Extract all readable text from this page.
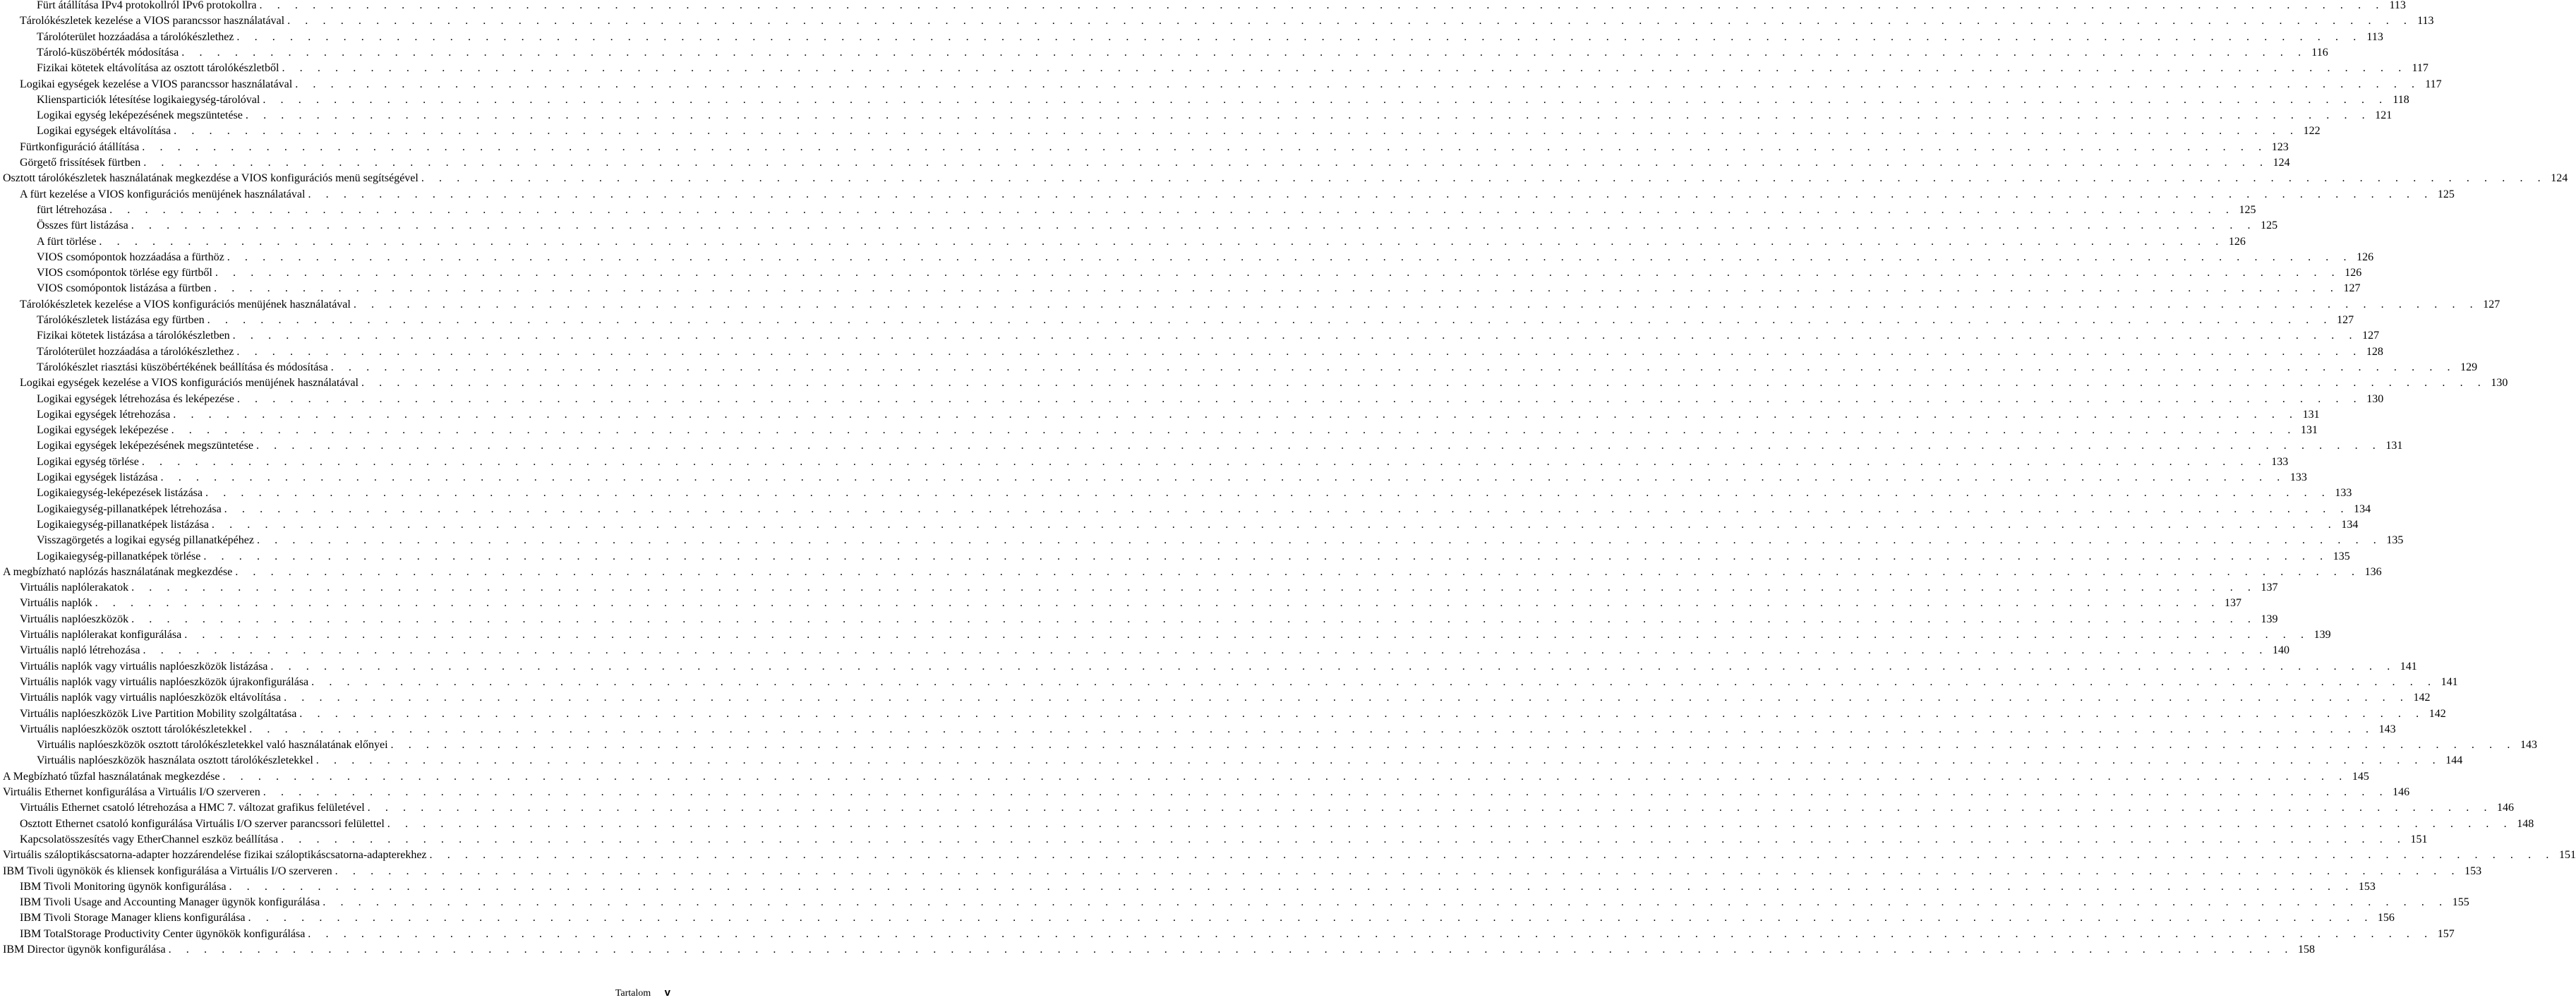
Fürt átállítása IPv4 protokollról IPv6 protokollra . . . . . . . . . . . . . . . . . . . . . . . . . . . . . . . . . . . . . . . . . . . . . . . . . . . . . . . . . . . . . . . . . . . . . . . . . . . . . . . . . . . . . . . . . . . . . . . . . . . . . . . . . . . . . . . . . . . . . . . . 113
Tárolókészletek kezelése a VIOS parancssor használatával . . . . . . . . . . . . . . . . . . . . . . . . . . . . . . . . . . . . . . . . . . . . . . . . . . . . . . . . . . . . . . . . . . . . . . . . . . . . . . . . . . . . . . . . . . . . . . . . . . . . . . . . . . . . . . . . . . . . . . . . 113
Tárolóterület hozzáadása a tárolókészlethez . . . . . . . . . . . . . . . . . . . . . . . . . . . . . . . . . . . . . . . . . . . . . . . . . . . . . . . . . . . . . . . . . . . . . . . . . . . . . . . . . . . . . . . . . . . . . . . . . . . . . . . . . . . . . . . . . . . . . . . . 113
Tároló-küszöbérték módosítása . . . . . . . . . . . . . . . . . . . . . . . . . . . . . . . . . . . . . . . . . . . . . . . . . . . . . . . . . . . . . . . . . . . . . . . . . . . . . . . . . . . . . . . . . . . . . . . . . . . . . . . . . . . . . . . . . . . . . . . . 116
Fizikai kötetek eltávolítása az osztott tárolókészletből . . . . . . . . . . . . . . . . . . . . . . . . . . . . . . . . . . . . . . . . . . . . . . . . . . . . . . . . . . . . . . . . . . . . . . . . . . . . . . . . . . . . . . . . . . . . . . . . . . . . . . . . . . . . . . . . . . . . . . . . 117
Logikai egységek kezelése a VIOS parancssor használatával . . . . . . . . . . . . . . . . . . . . . . . . . . . . . . . . . . . . . . . . . . . . . . . . . . . . . . . . . . . . . . . . . . . . . . . . . . . . . . . . . . . . . . . . . . . . . . . . . . . . . . . . . . . . . . . . . . . . . . . . 117
Kliensparticiók létesítése logikaiegység-tárolóval . . . . . . . . . . . . . . . . . . . . . . . . . . . . . . . . . . . . . . . . . . . . . . . . . . . . . . . . . . . . . . . . . . . . . . . . . . . . . . . . . . . . . . . . . . . . . . . . . . . . . . . . . . . . . . . . . . . . . . . . 118
Logikai egység leképezésének megszüntetése . . . . . . . . . . . . . . . . . . . . . . . . . . . . . . . . . . . . . . . . . . . . . . . . . . . . . . . . . . . . . . . . . . . . . . . . . . . . . . . . . . . . . . . . . . . . . . . . . . . . . . . . . . . . . . . . . . . . . . . . 121
Logikai egységek eltávolítása . . . . . . . . . . . . . . . . . . . . . . . . . . . . . . . . . . . . . . . . . . . . . . . . . . . . . . . . . . . . . . . . . . . . . . . . . . . . . . . . . . . . . . . . . . . . . . . . . . . . . . . . . . . . . . . . . . . . . . . . 122
Fürtkonfiguráció átállítása . . . . . . . . . . . . . . . . . . . . . . . . . . . . . . . . . . . . . . . . . . . . . . . . . . . . . . . . . . . . . . . . . . . . . . . . . . . . . . . . . . . . . . . . . . . . . . . . . . . . . . . . . . . . . . . . . . . . . . . . 123
Görgető frissítések fürtben . . . . . . . . . . . . . . . . . . . . . . . . . . . . . . . . . . . . . . . . . . . . . . . . . . . . . . . . . . . . . . . . . . . . . . . . . . . . . . . . . . . . . . . . . . . . . . . . . . . . . . . . . . . . . . . . . . . . . . . . 124
Osztott tárolókészletek használatának megkezdése a VIOS konfigurációs menü segítségével . . . . . . . . . . . . . . . . . . . . . . . . . . . . . . . . . . . . . . . . . . . . . . . . . . . . . . . . . . . . . . . . . . . . . . . . . . . . . . . . . . . . . . . . . . . . . . . . . . . . . . . . . . . . . . . . . . . . . . . . 124
A fürt kezelése a VIOS konfigurációs menüjének használatával . . . . . . . . . . . . . . . . . . . . . . . . . . . . . . . . . . . . . . . . . . . . . . . . . . . . . . . . . . . . . . . . . . . . . . . . . . . . . . . . . . . . . . . . . . . . . . . . . . . . . . . . . . . . . . . . . . . . . . . . 125
fürt létrehozása . . . . . . . . . . . . . . . . . . . . . . . . . . . . . . . . . . . . . . . . . . . . . . . . . . . . . . . . . . . . . . . . . . . . . . . . . . . . . . . . . . . . . . . . . . . . . . . . . . . . . . . . . . . . . . . . . . . . . . . . 125
Összes fürt listázása . . . . . . . . . . . . . . . . . . . . . . . . . . . . . . . . . . . . . . . . . . . . . . . . . . . . . . . . . . . . . . . . . . . . . . . . . . . . . . . . . . . . . . . . . . . . . . . . . . . . . . . . . . . . . . . . . . . . . . . . 125
A fürt törlése . . . . . . . . . . . . . . . . . . . . . . . . . . . . . . . . . . . . . . . . . . . . . . . . . . . . . . . . . . . . . . . . . . . . . . . . . . . . . . . . . . . . . . . . . . . . . . . . . . . . . . . . . . . . . . . . . . . . . . . . 126
VIOS csomópontok hozzáadása a fürthöz . . . . . . . . . . . . . . . . . . . . . . . . . . . . . . . . . . . . . . . . . . . . . . . . . . . . . . . . . . . . . . . . . . . . . . . . . . . . . . . . . . . . . . . . . . . . . . . . . . . . . . . . . . . . . . . . . . . . . . . . 126
VIOS csomópontok törlése egy fürtből . . . . . . . . . . . . . . . . . . . . . . . . . . . . . . . . . . . . . . . . . . . . . . . . . . . . . . . . . . . . . . . . . . . . . . . . . . . . . . . . . . . . . . . . . . . . . . . . . . . . . . . . . . . . . . . . . . . . . . . . 126
VIOS csomópontok listázása a fürtben . . . . . . . . . . . . . . . . . . . . . . . . . . . . . . . . . . . . . . . . . . . . . . . . . . . . . . . . . . . . . . . . . . . . . . . . . . . . . . . . . . . . . . . . . . . . . . . . . . . . . . . . . . . . . . . . . . . . . . . . 127
Tárolókészletek kezelése a VIOS konfigurációs menüjének használatával . . . . . . . . . . . . . . . . . . . . . . . . . . . . . . . . . . . . . . . . . . . . . . . . . . . . . . . . . . . . . . . . . . . . . . . . . . . . . . . . . . . . . . . . . . . . . . . . . . . . . . . . . . . . . . . . . . . . . . . . 127
Tárolókészletek listázása egy fürtben . . . . . . . . . . . . . . . . . . . . . . . . . . . . . . . . . . . . . . . . . . . . . . . . . . . . . . . . . . . . . . . . . . . . . . . . . . . . . . . . . . . . . . . . . . . . . . . . . . . . . . . . . . . . . . . . . . . . . . . . 127
Fizikai kötetek listázása a tárolókészletben . . . . . . . . . . . . . . . . . . . . . . . . . . . . . . . . . . . . . . . . . . . . . . . . . . . . . . . . . . . . . . . . . . . . . . . . . . . . . . . . . . . . . . . . . . . . . . . . . . . . . . . . . . . . . . . . . . . . . . . . 127
Tárolóterület hozzáadása a tárolókészlethez . . . . . . . . . . . . . . . . . . . . . . . . . . . . . . . . . . . . . . . . . . . . . . . . . . . . . . . . . . . . . . . . . . . . . . . . . . . . . . . . . . . . . . . . . . . . . . . . . . . . . . . . . . . . . . . . . . . . . . . . 128
Tárolókészlet riasztási küszöbértékének beállítása és módosítása . . . . . . . . . . . . . . . . . . . . . . . . . . . . . . . . . . . . . . . . . . . . . . . . . . . . . . . . . . . . . . . . . . . . . . . . . . . . . . . . . . . . . . . . . . . . . . . . . . . . . . . . . . . . . . . . . . . . . . . . 129
Logikai egységek kezelése a VIOS konfigurációs menüjének használatával . . . . . . . . . . . . . . . . . . . . . . . . . . . . . . . . . . . . . . . . . . . . . . . . . . . . . . . . . . . . . . . . . . . . . . . . . . . . . . . . . . . . . . . . . . . . . . . . . . . . . . . . . . . . . . . . . . . . . . . . 130
Logikai egységek létrehozása és leképezése . . . . . . . . . . . . . . . . . . . . . . . . . . . . . . . . . . . . . . . . . . . . . . . . . . . . . . . . . . . . . . . . . . . . . . . . . . . . . . . . . . . . . . . . . . . . . . . . . . . . . . . . . . . . . . . . . . . . . . . . 130
Logikai egységek létrehozása . . . . . . . . . . . . . . . . . . . . . . . . . . . . . . . . . . . . . . . . . . . . . . . . . . . . . . . . . . . . . . . . . . . . . . . . . . . . . . . . . . . . . . . . . . . . . . . . . . . . . . . . . . . . . . . . . . . . . . . . 131
Logikai egységek leképezése . . . . . . . . . . . . . . . . . . . . . . . . . . . . . . . . . . . . . . . . . . . . . . . . . . . . . . . . . . . . . . . . . . . . . . . . . . . . . . . . . . . . . . . . . . . . . . . . . . . . . . . . . . . . . . . . . . . . . . . . 131
Logikai egységek leképezésének megszüntetése . . . . . . . . . . . . . . . . . . . . . . . . . . . . . . . . . . . . . . . . . . . . . . . . . . . . . . . . . . . . . . . . . . . . . . . . . . . . . . . . . . . . . . . . . . . . . . . . . . . . . . . . . . . . . . . . . . . . . . . . 131
Logikai egység törlése . . . . . . . . . . . . . . . . . . . . . . . . . . . . . . . . . . . . . . . . . . . . . . . . . . . . . . . . . . . . . . . . . . . . . . . . . . . . . . . . . . . . . . . . . . . . . . . . . . . . . . . . . . . . . . . . . . . . . . . . 133
Logikai egységek listázása . . . . . . . . . . . . . . . . . . . . . . . . . . . . . . . . . . . . . . . . . . . . . . . . . . . . . . . . . . . . . . . . . . . . . . . . . . . . . . . . . . . . . . . . . . . . . . . . . . . . . . . . . . . . . . . . . . . . . . . . 133
Logikaiegység-leképezések listázása . . . . . . . . . . . . . . . . . . . . . . . . . . . . . . . . . . . . . . . . . . . . . . . . . . . . . . . . . . . . . . . . . . . . . . . . . . . . . . . . . . . . . . . . . . . . . . . . . . . . . . . . . . . . . . . . . . . . . . . . 133
Logikaiegység-pillanatképek létrehozása . . . . . . . . . . . . . . . . . . . . . . . . . . . . . . . . . . . . . . . . . . . . . . . . . . . . . . . . . . . . . . . . . . . . . . . . . . . . . . . . . . . . . . . . . . . . . . . . . . . . . . . . . . . . . . . . . . . . . . . . 134
Logikaiegység-pillanatképek listázása . . . . . . . . . . . . . . . . . . . . . . . . . . . . . . . . . . . . . . . . . . . . . . . . . . . . . . . . . . . . . . . . . . . . . . . . . . . . . . . . . . . . . . . . . . . . . . . . . . . . . . . . . . . . . . . . . . . . . . . . 134
Visszagörgetés a logikai egység pillanatképéhez . . . . . . . . . . . . . . . . . . . . . . . . . . . . . . . . . . . . . . . . . . . . . . . . . . . . . . . . . . . . . . . . . . . . . . . . . . . . . . . . . . . . . . . . . . . . . . . . . . . . . . . . . . . . . . . . . . . . . . . . 135
Logikaiegység-pillanatképek törlése . . . . . . . . . . . . . . . . . . . . . . . . . . . . . . . . . . . . . . . . . . . . . . . . . . . . . . . . . . . . . . . . . . . . . . . . . . . . . . . . . . . . . . . . . . . . . . . . . . . . . . . . . . . . . . . . . . . . . . . . 135
A megbízható naplózás használatának megkezdése . . . . . . . . . . . . . . . . . . . . . . . . . . . . . . . . . . . . . . . . . . . . . . . . . . . . . . . . . . . . . . . . . . . . . . . . . . . . . . . . . . . . . . . . . . . . . . . . . . . . . . . . . . . . . . . . . . . . . . . . 136
Virtuális naplólerakatok . . . . . . . . . . . . . . . . . . . . . . . . . . . . . . . . . . . . . . . . . . . . . . . . . . . . . . . . . . . . . . . . . . . . . . . . . . . . . . . . . . . . . . . . . . . . . . . . . . . . . . . . . . . . . . . . . . . . . . . . 137
Virtuális naplók . . . . . . . . . . . . . . . . . . . . . . . . . . . . . . . . . . . . . . . . . . . . . . . . . . . . . . . . . . . . . . . . . . . . . . . . . . . . . . . . . . . . . . . . . . . . . . . . . . . . . . . . . . . . . . . . . . . . . . . . 137
Virtuális naplóeszközök . . . . . . . . . . . . . . . . . . . . . . . . . . . . . . . . . . . . . . . . . . . . . . . . . . . . . . . . . . . . . . . . . . . . . . . . . . . . . . . . . . . . . . . . . . . . . . . . . . . . . . . . . . . . . . . . . . . . . . . . 139
Virtuális naplólerakat konfigurálása . . . . . . . . . . . . . . . . . . . . . . . . . . . . . . . . . . . . . . . . . . . . . . . . . . . . . . . . . . . . . . . . . . . . . . . . . . . . . . . . . . . . . . . . . . . . . . . . . . . . . . . . . . . . . . . . . . . . . . . . 139
Virtuális napló létrehozása . . . . . . . . . . . . . . . . . . . . . . . . . . . . . . . . . . . . . . . . . . . . . . . . . . . . . . . . . . . . . . . . . . . . . . . . . . . . . . . . . . . . . . . . . . . . . . . . . . . . . . . . . . . . . . . . . . . . . . . . 140
Virtuális naplók vagy virtuális naplóeszközök listázása . . . . . . . . . . . . . . . . . . . . . . . . . . . . . . . . . . . . . . . . . . . . . . . . . . . . . . . . . . . . . . . . . . . . . . . . . . . . . . . . . . . . . . . . . . . . . . . . . . . . . . . . . . . . . . . . . . . . . . . . 141
Virtuális naplók vagy virtuális naplóeszközök újrakonfigurálása . . . . . . . . . . . . . . . . . . . . . . . . . . . . . . . . . . . . . . . . . . . . . . . . . . . . . . . . . . . . . . . . . . . . . . . . . . . . . . . . . . . . . . . . . . . . . . . . . . . . . . . . . . . . . . . . . . . . . . . . 141
Virtuális naplók vagy virtuális naplóeszközök eltávolítása . . . . . . . . . . . . . . . . . . . . . . . . . . . . . . . . . . . . . . . . . . . . . . . . . . . . . . . . . . . . . . . . . . . . . . . . . . . . . . . . . . . . . . . . . . . . . . . . . . . . . . . . . . . . . . . . . . . . . . . . 142
Virtuális naplóeszközök Live Partition Mobility szolgáltatása . . . . . . . . . . . . . . . . . . . . . . . . . . . . . . . . . . . . . . . . . . . . . . . . . . . . . . . . . . . . . . . . . . . . . . . . . . . . . . . . . . . . . . . . . . . . . . . . . . . . . . . . . . . . . . . . . . . . . . . . 142
Virtuális naplóeszközök osztott tárolókészletekkel . . . . . . . . . . . . . . . . . . . . . . . . . . . . . . . . . . . . . . . . . . . . . . . . . . . . . . . . . . . . . . . . . . . . . . . . . . . . . . . . . . . . . . . . . . . . . . . . . . . . . . . . . . . . . . . . . . . . . . . . 143
Virtuális naplóeszközök osztott tárolókészletekkel való használatának előnyei . . . . . . . . . . . . . . . . . . . . . . . . . . . . . . . . . . . . . . . . . . . . . . . . . . . . . . . . . . . . . . . . . . . . . . . . . . . . . . . . . . . . . . . . . . . . . . . . . . . . . . . . . . . . . . . . . . . . . . . . 143
Virtuális naplóeszközök használata osztott tárolókészletekkel . . . . . . . . . . . . . . . . . . . . . . . . . . . . . . . . . . . . . . . . . . . . . . . . . . . . . . . . . . . . . . . . . . . . . . . . . . . . . . . . . . . . . . . . . . . . . . . . . . . . . . . . . . . . . . . . . . . . . . . . 144
A Megbízható tűzfal használatának megkezdése . . . . . . . . . . . . . . . . . . . . . . . . . . . . . . . . . . . . . . . . . . . . . . . . . . . . . . . . . . . . . . . . . . . . . . . . . . . . . . . . . . . . . . . . . . . . . . . . . . . . . . . . . . . . . . . . . . . . . . . . 145
Virtuális Ethernet konfigurálása a Virtuális I/O szerveren . . . . . . . . . . . . . . . . . . . . . . . . . . . . . . . . . . . . . . . . . . . . . . . . . . . . . . . . . . . . . . . . . . . . . . . . . . . . . . . . . . . . . . . . . . . . . . . . . . . . . . . . . . . . . . . . . . . . . . . . 146
Virtuális Ethernet csatoló létrehozása a HMC 7. változat grafikus felületével . . . . . . . . . . . . . . . . . . . . . . . . . . . . . . . . . . . . . . . . . . . . . . . . . . . . . . . . . . . . . . . . . . . . . . . . . . . . . . . . . . . . . . . . . . . . . . . . . . . . . . . . . . . . . . . . . . . . . . . . 146
Osztott Ethernet csatoló konfigurálása Virtuális I/O szerver parancssori felülettel . . . . . . . . . . . . . . . . . . . . . . . . . . . . . . . . . . . . . . . . . . . . . . . . . . . . . . . . . . . . . . . . . . . . . . . . . . . . . . . . . . . . . . . . . . . . . . . . . . . . . . . . . . . . . . . . . . . . . . . . 148
Kapcsolatösszesítés vagy EtherChannel eszköz beállítása . . . . . . . . . . . . . . . . . . . . . . . . . . . . . . . . . . . . . . . . . . . . . . . . . . . . . . . . . . . . . . . . . . . . . . . . . . . . . . . . . . . . . . . . . . . . . . . . . . . . . . . . . . . . . . . . . . . . . . . . 151
Virtuális száloptikáscsatorna-adapter hozzárendelése fizikai száloptikáscsatorna-adapterekhez . . . . . . . . . . . . . . . . . . . . . . . . . . . . . . . . . . . . . . . . . . . . . . . . . . . . . . . . . . . . . . . . . . . . . . . . . . . . . . . . . . . . . . . . . . . . . . . . . . . . . . . . . . . . . . . . . . . . . . . . 151
IBM Tivoli ügynökök és kliensek konfigurálása a Virtuális I/O szerveren . . . . . . . . . . . . . . . . . . . . . . . . . . . . . . . . . . . . . . . . . . . . . . . . . . . . . . . . . . . . . . . . . . . . . . . . . . . . . . . . . . . . . . . . . . . . . . . . . . . . . . . . . . . . . . . . . . . . . . . . 153
IBM Tivoli Monitoring ügynök konfigurálása . . . . . . . . . . . . . . . . . . . . . . . . . . . . . . . . . . . . . . . . . . . . . . . . . . . . . . . . . . . . . . . . . . . . . . . . . . . . . . . . . . . . . . . . . . . . . . . . . . . . . . . . . . . . . . . . . . . . . . . . 153
IBM Tivoli Usage and Accounting Manager ügynök konfigurálása . . . . . . . . . . . . . . . . . . . . . . . . . . . . . . . . . . . . . . . . . . . . . . . . . . . . . . . . . . . . . . . . . . . . . . . . . . . . . . . . . . . . . . . . . . . . . . . . . . . . . . . . . . . . . . . . . . . . . . . . 155
IBM Tivoli Storage Manager kliens konfigurálása . . . . . . . . . . . . . . . . . . . . . . . . . . . . . . . . . . . . . . . . . . . . . . . . . . . . . . . . . . . . . . . . . . . . . . . . . . . . . . . . . . . . . . . . . . . . . . . . . . . . . . . . . . . . . . . . . . . . . . . . 156
IBM TotalStorage Productivity Center ügynökök konfigurálása . . . . . . . . . . . . . . . . . . . . . . . . . . . . . . . . . . . . . . . . . . . . . . . . . . . . . . . . . . . . . . . . . . . . . . . . . . . . . . . . . . . . . . . . . . . . . . . . . . . . . . . . . . . . . . . . . . . . . . . . 157
IBM Director ügynök konfigurálása . . . . . . . . . . . . . . . . . . . . . . . . . . . . . . . . . . . . . . . . . . . . . . . . . . . . . . . . . . . . . . . . . . . . . . . . . . . . . . . . . . . . . . . . . . . . . . . . . . . . . . . . . . . . . . . . . . . . . . . . 158
Tartalom v
